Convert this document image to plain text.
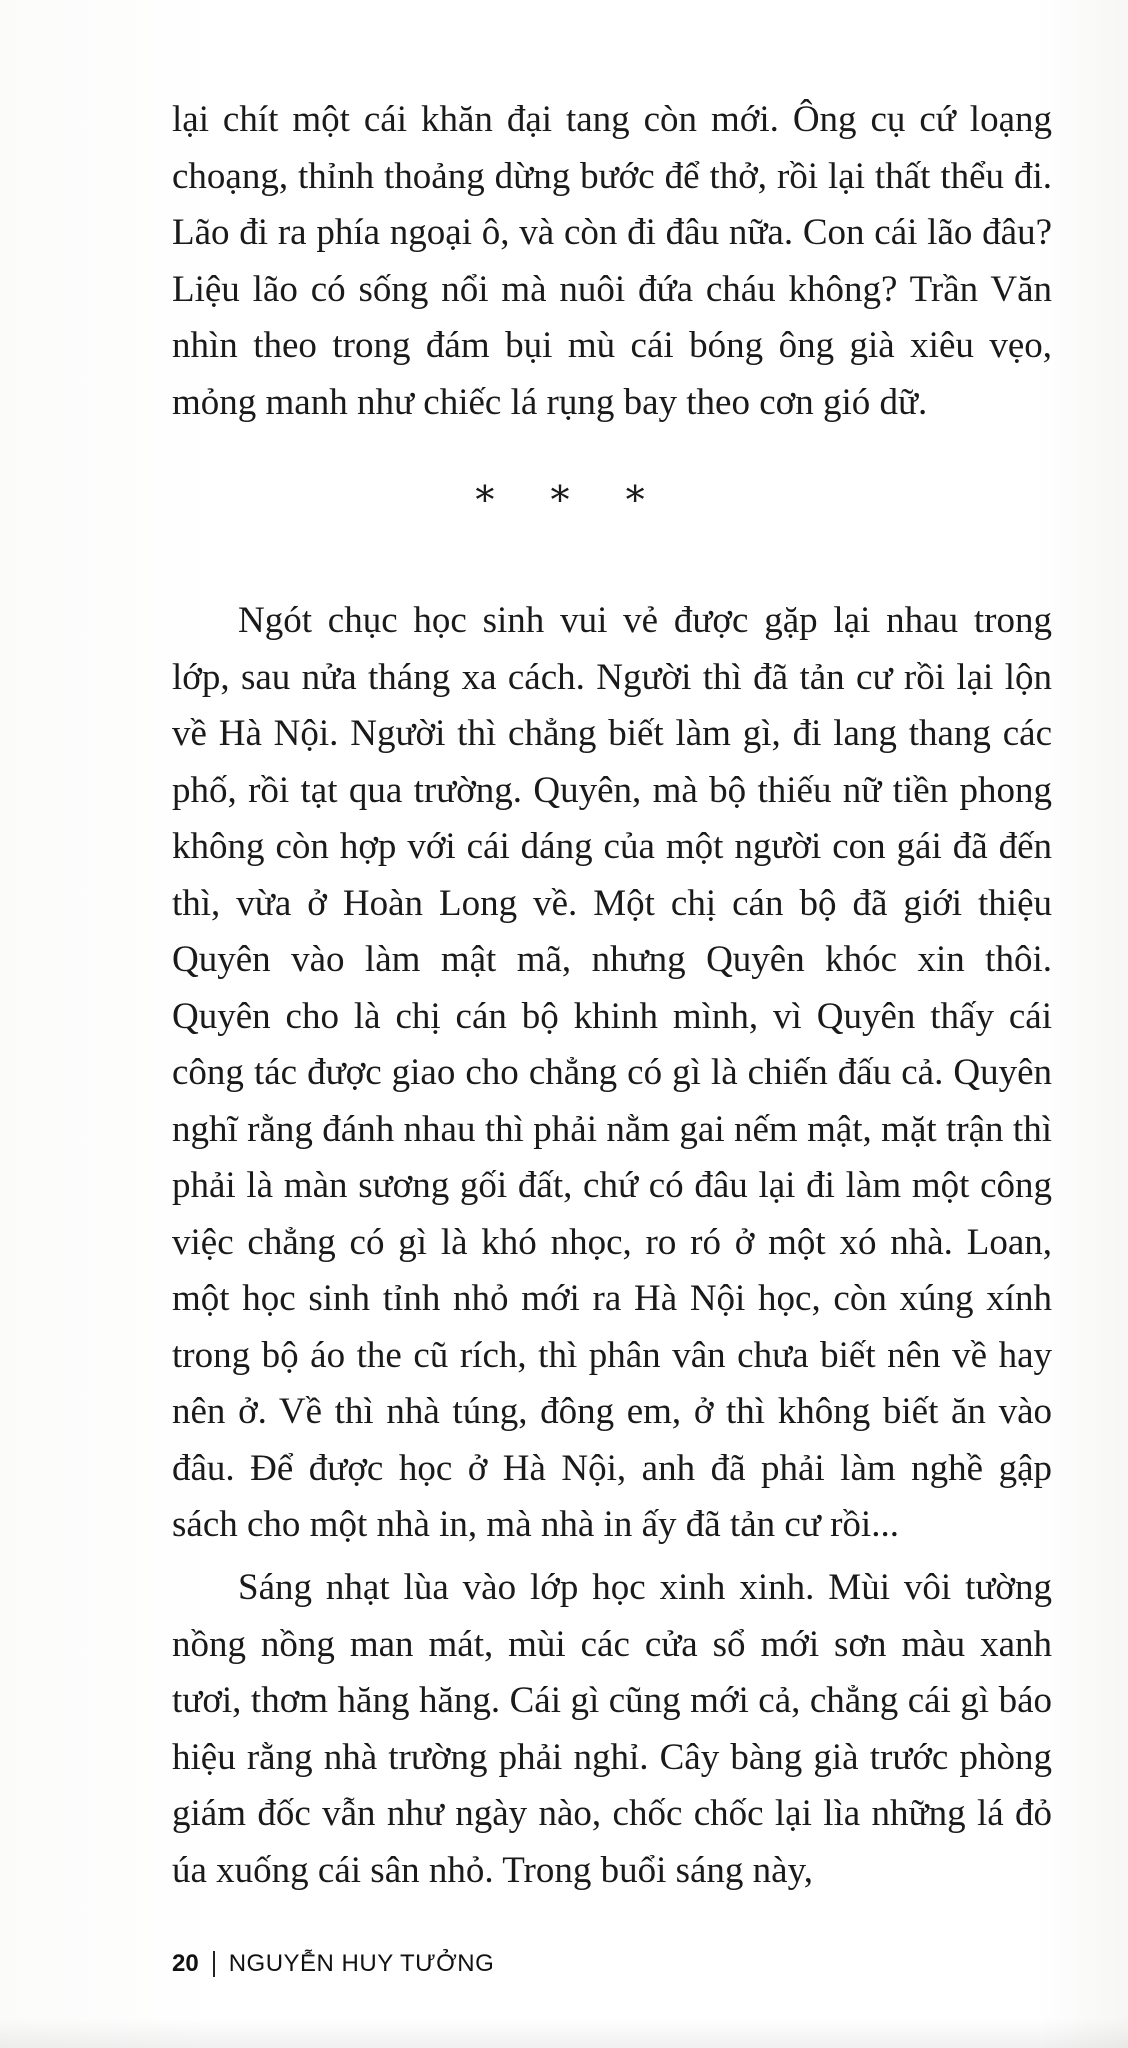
lại chít một cái khăn đại tang còn mới. Ông cụ cứ loạng choạng, thỉnh thoảng dừng bước để thở, rồi lại thất thểu đi. Lão đi ra phía ngoại ô, và còn đi đâu nữa. Con cái lão đâu? Liệu lão có sống nổi mà nuôi đứa cháu không? Trần Văn nhìn theo trong đám bụi mù cái bóng ông già xiêu vẹo, mỏng manh như chiếc lá rụng bay theo cơn gió dữ.

* * *

Ngót chục học sinh vui vẻ được gặp lại nhau trong lớp, sau nửa tháng xa cách. Người thì đã tản cư rồi lại lộn về Hà Nội. Người thì chẳng biết làm gì, đi lang thang các phố, rồi tạt qua trường. Quyên, mà bộ thiếu nữ tiền phong không còn hợp với cái dáng của một người con gái đã đến thì, vừa ở Hoàn Long về. Một chị cán bộ đã giới thiệu Quyên vào làm mật mã, nhưng Quyên khóc xin thôi. Quyên cho là chị cán bộ khinh mình, vì Quyên thấy cái công tác được giao cho chẳng có gì là chiến đấu cả. Quyên nghĩ rằng đánh nhau thì phải nằm gai nếm mật, mặt trận thì phải là màn sương gối đất, chứ có đâu lại đi làm một công việc chẳng có gì là khó nhọc, ro ró ở một xó nhà. Loan, một học sinh tỉnh nhỏ mới ra Hà Nội học, còn xúng xính trong bộ áo the cũ rích, thì phân vân chưa biết nên về hay nên ở. Về thì nhà túng, đông em, ở thì không biết ăn vào đâu. Để được học ở Hà Nội, anh đã phải làm nghề gập sách cho một nhà in, mà nhà in ấy đã tản cư rồi...

Sáng nhạt lùa vào lớp học xinh xinh. Mùi vôi tường nồng nồng man mát, mùi các cửa sổ mới sơn màu xanh tươi, thơm hăng hăng. Cái gì cũng mới cả, chẳng cái gì báo hiệu rằng nhà trường phải nghỉ. Cây bàng già trước phòng giám đốc vẫn như ngày nào, chốc chốc lại lìa những lá đỏ úa xuống cái sân nhỏ. Trong buổi sáng này,

20 NGUYỄN HUY TƯỞNG
